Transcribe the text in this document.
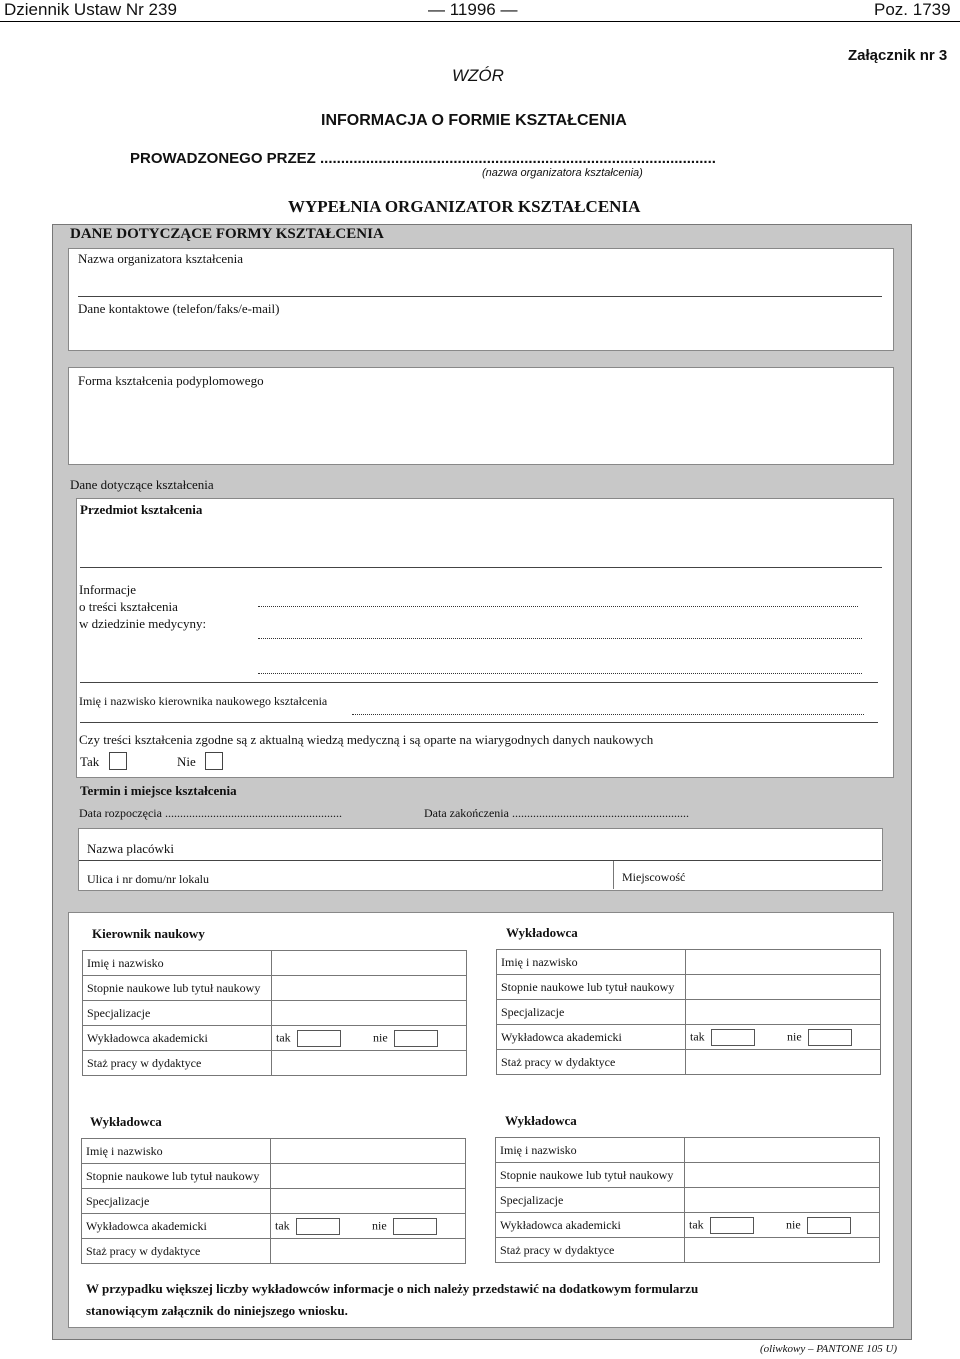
Dziennik Ustaw Nr 239	— 11996 —	Poz. 1739
Załącznik nr 3
WZÓR
INFORMACJA O FORMIE KSZTAŁCENIA
PROWADZONEGO PRZEZ ...............................................................................................
(nazwa organizatora kształcenia)
WYPEŁNIA ORGANIZATOR KSZTAŁCENIA
DANE DOTYCZĄCE FORMY KSZTAŁCENIA
Nazwa organizatora kształcenia
Dane kontaktowe (telefon/faks/e-mail)
Forma kształcenia podyplomowego
Dane dotyczące kształcenia
Przedmiot kształcenia
Informacje
o treści kształcenia
w dziedzinie medycyny:
Imię i nazwisko kierownika naukowego kształcenia
Czy treści kształcenia zgodne są z aktualną wiedzą medyczną i są oparte na wiarygodnych danych naukowych
Tak	Nie
Termin i miejsce kształcenia
Data rozpoczęcia ...........................................................	Data zakończenia ...........................................................
Nazwa placówki
Ulica i nr domu/nr lokalu	Miejscowość
Kierownik naukowy
Imię i nazwisko		
Stopnie naukowe lub tytuł naukowy		
Specjalizacje		
Wykładowca akademicki	tak	nie
Staż pracy w dydaktyce		
Wykładowca
Imię i nazwisko		
Stopnie naukowe lub tytuł naukowy		
Specjalizacje		
Wykładowca akademicki	tak	nie
Staż pracy w dydaktyce		
Wykładowca
Imię i nazwisko		
Stopnie naukowe lub tytuł naukowy		
Specjalizacje		
Wykładowca akademicki	tak	nie
Staż pracy w dydaktyce		
Wykładowca
Imię i nazwisko		
Stopnie naukowe lub tytuł naukowy		
Specjalizacje		
Wykładowca akademicki	tak	nie
Staż pracy w dydaktyce		
W przypadku większej liczby wykładowców informacje o nich należy przedstawić na dodatkowym formularzu
stanowiącym załącznik do niniejszego wniosku.
(oliwkowy – PANTONE 105 U)
